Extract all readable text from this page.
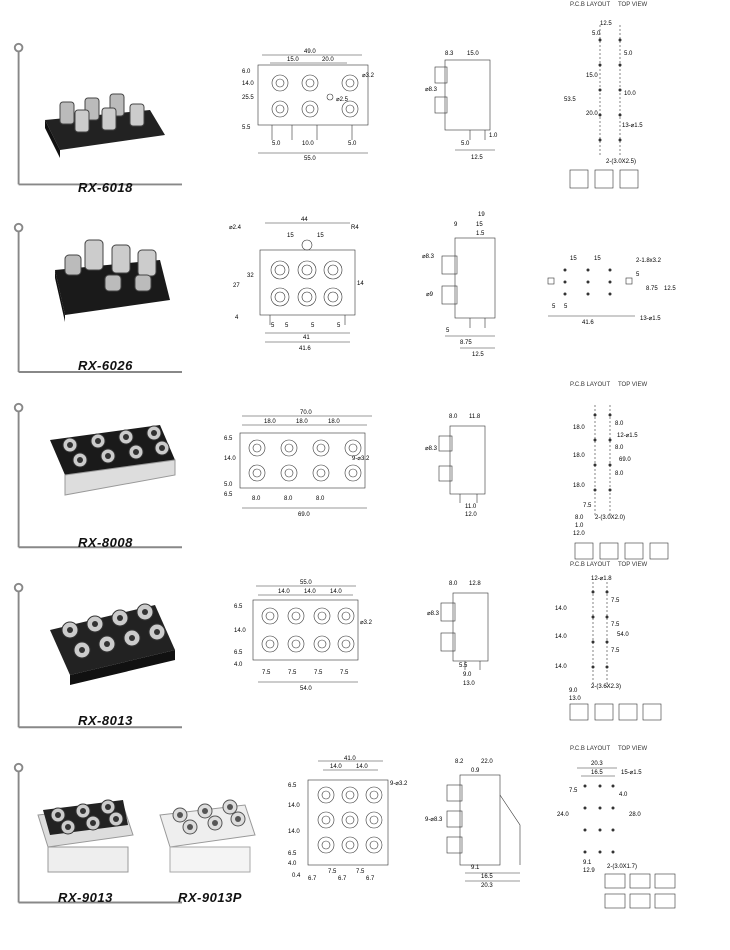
RX-6018
49.0
15.0	20.0
⌀3.2
⌀2.5
6.0
14.0
25.5
5.5
5.0	10.0	5.0
55.0
8.3 15.0
⌀8.3
5.0
1.0
12.5
P.C.B LAYOUT TOP VIEW
12.5
5.0
5.0
15.0
10.0
53.5
20.0
13-⌀1.5
2-(3.0X2.5)
RX-6026
44
⌀2.4	R4
15	15
27
32
14
4
5 5	5	5
41
41.6
19
9	15
1.5
⌀8.3
⌀9
5
8.75
12.5
15	15	2-1.8x3.2
5
8.75 12.5
5 5
13-⌀1.5
41.6
RX-8008
70.0
18.0	18.0	18.0
9-⌀3.2
6.5
14.0
5.0
6.5
8.0	8.0	8.0
69.0
8.0 11.8
⌀8.3
11.0
12.0
P.C.B LAYOUT TOP VIEW
18.0
18.0
18.0
69.0
8.0
8.0
8.0
12-⌀1.5
7.5
8.0 2-(3.0X2.0)
1.0
12.0
RX-8013
55.0
14.0 14.0 14.0
⌀3.2
6.5
14.0
6.5
4.0
7.5	7.5	7.5	7.5
54.0
8.0 12.8
⌀8.3
5.5
9.0
13.0
P.C.B LAYOUT TOP VIEW
12-⌀1.8
14.0
14.0
14.0
54.0
7.5
7.5
7.5
2-(3.6X2.3)
9.0
13.0
RX-9013	RX-9013P
41.0
14.0 14.0
9-⌀3.2
6.5
14.0
14.0
6.5
4.0
0.4 6.7
7.5
6.7
7.5
6.7
8.2	22.0
0.9
9-⌀8.3
9.1
16.5
20.3
P.C.B LAYOUT TOP VIEW
20.3
16.5	15-⌀1.5
24.0
7.5
28.0
4.0
2-(3.0X1.7)
9.1
12.9
